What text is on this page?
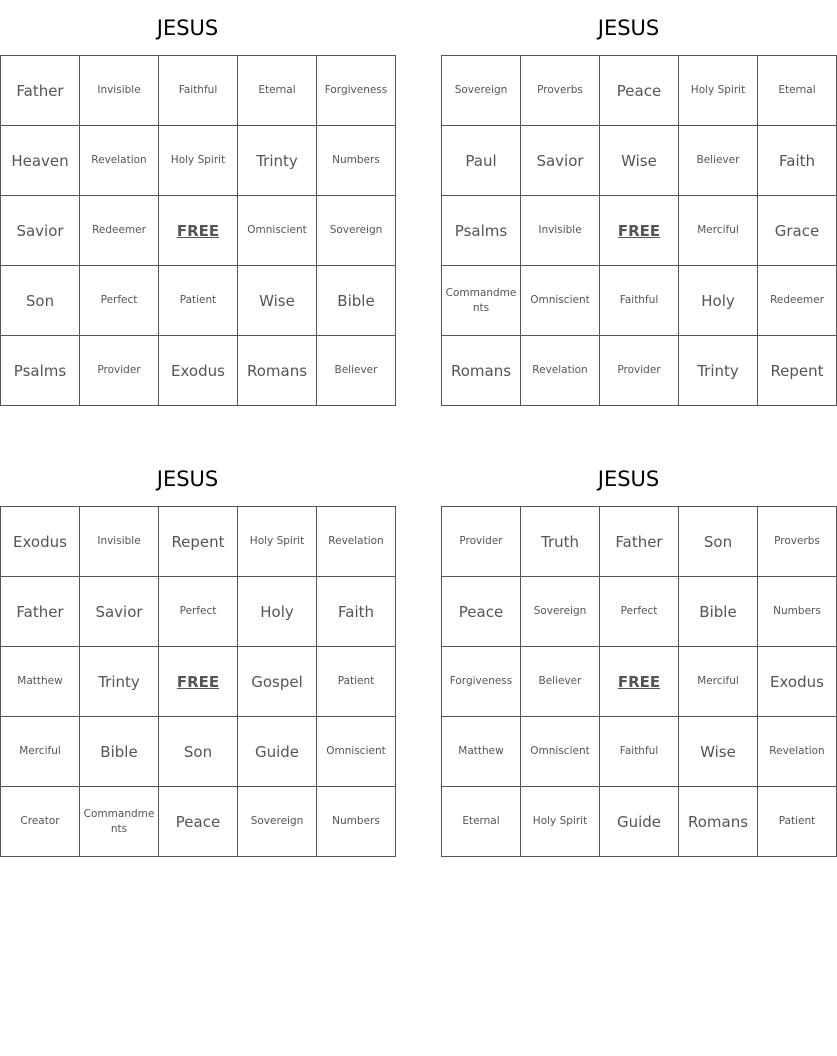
JESUS
Father	Invisible	Faithful	Eternal	Forgiveness
Heaven	Revelation	Holy Spirit	Trinty	Numbers
Savior	Redeemer	FREE	Omniscient	Sovereign
Son	Perfect	Patient	Wise	Bible
Psalms	Provider	Exodus	Romans	Believer
JESUS
Sovereign	Proverbs	Peace	Holy Spirit	Eternal
Paul	Savior	Wise	Believer	Faith
Psalms	Invisible	FREE	Merciful	Grace
Commandments	Omniscient	Faithful	Holy	Redeemer
Romans	Revelation	Provider	Trinty	Repent
JESUS
Exodus	Invisible	Repent	Holy Spirit	Revelation
Father	Savior	Perfect	Holy	Faith
Matthew	Trinty	FREE	Gospel	Patient
Merciful	Bible	Son	Guide	Omniscient
Creator	Commandments	Peace	Sovereign	Numbers
JESUS
Provider	Truth	Father	Son	Proverbs
Peace	Sovereign	Perfect	Bible	Numbers
Forgiveness	Believer	FREE	Merciful	Exodus
Matthew	Omniscient	Faithful	Wise	Revelation
Eternal	Holy Spirit	Guide	Romans	Patient
